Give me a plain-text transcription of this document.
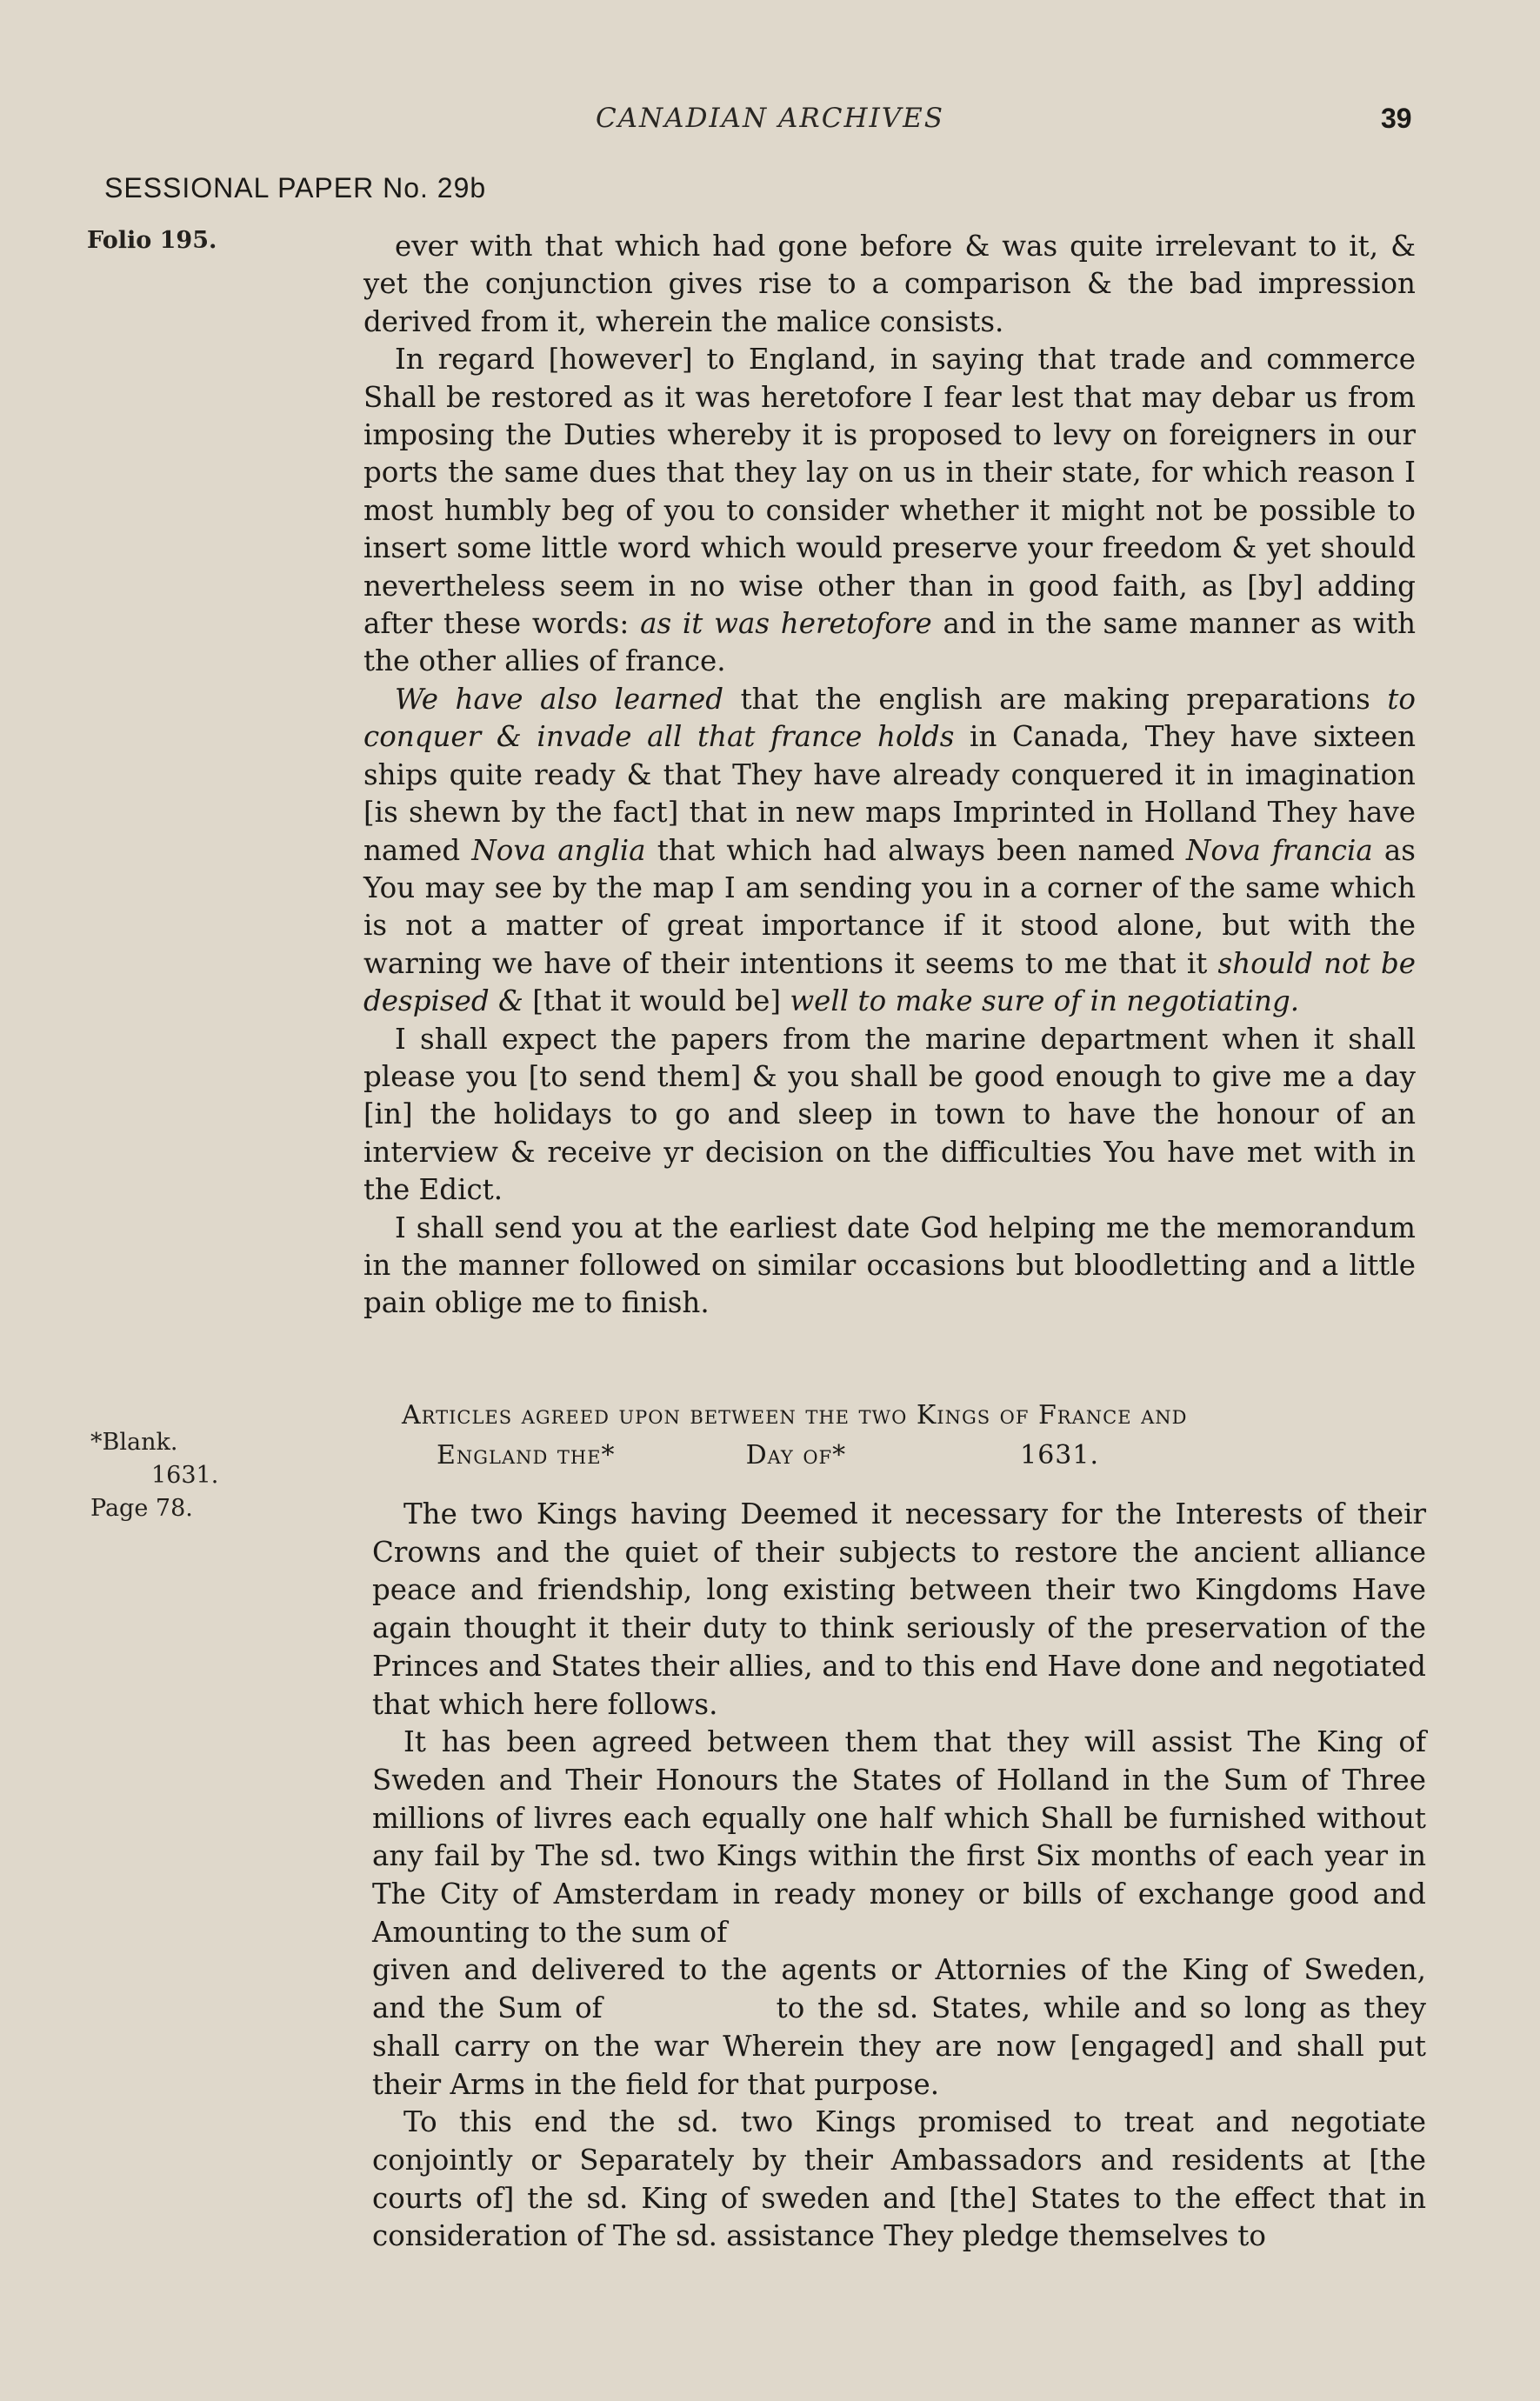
CANADIAN ARCHIVES	39
SESSIONAL PAPER No. 29b
Folio 195.
*Blank.
1631.
Page 78.

ever with that which had gone before & was quite irrelevant to it, & yet the conjunction gives rise to a comparison & the bad impression derived from it, wherein the malice consists.

In regard [however] to England, in saying that trade and commerce Shall be restored as it was heretofore I fear lest that may debar us from imposing the Duties whereby it is proposed to levy on foreigners in our ports the same dues that they lay on us in their state, for which reason I most humbly beg of you to consider whether it might not be possible to insert some little word which would preserve your freedom & yet should nevertheless seem in no wise other than in good faith, as [by] adding after these words: as it was heretofore and in the same manner as with the other allies of france.

We have also learned that the english are making preparations to conquer & invade all that france holds in Canada, They have sixteen ships quite ready & that They have already conquered it in imagination [is shewn by the fact] that in new maps Imprinted in Holland They have named Nova anglia that which had always been named Nova francia as You may see by the map I am sending you in a corner of the same which is not a matter of great importance if it stood alone, but with the warning we have of their intentions it seems to me that it should not be despised & [that it would be] well to make sure of in negotiating.

I shall expect the papers from the marine department when it shall please you [to send them] & you shall be good enough to give me a day [in] the holidays to go and sleep in town to have the honour of an interview & receive yr decision on the difficulties You have met with in the Edict.

I shall send you at the earliest date God helping me the memorandum in the manner followed on similar occasions but bloodletting and a little pain oblige me to finish.

Articles agreed upon between the two Kings of France and
England the*	Day of*	1631.

The two Kings having Deemed it necessary for the Interests of their Crowns and the quiet of their subjects to restore the ancient alliance peace and friendship, long existing between their two Kingdoms Have again thought it their duty to think seriously of the preservation of the Princes and States their allies, and to this end Have done and negotiated that which here follows.

It has been agreed between them that they will assist The King of Sweden and Their Honours the States of Holland in the Sum of Three millions of livres each equally one half which Shall be furnished without any fail by The sd. two Kings within the first Six months of each year in The City of Amsterdam in ready money or bills of exchange good and Amounting to the sum of
given and delivered to the agents or Attornies of the King of Sweden, and the Sum of	to the sd. States, while and so long as they shall carry on the war Wherein they are now [engaged] and shall put their Arms in the field for that purpose.

To this end the sd. two Kings promised to treat and negotiate conjointly or Separately by their Ambassadors and residents at [the courts of] the sd. King of sweden and [the] States to the effect that in consideration of The sd. assistance They pledge themselves to
